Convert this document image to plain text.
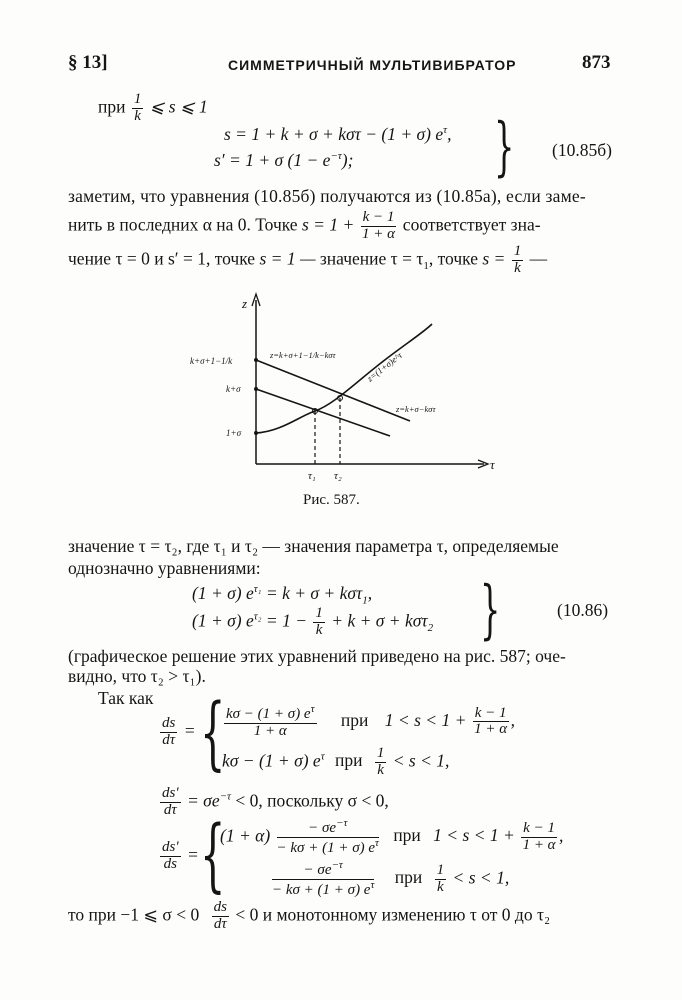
§ 13]	СИММЕТРИЧНЫЙ МУЛЬТИВИБРАТОР	873
при $\frac{1}{k}$ ⩽ s ⩽ 1
s = 1 + k + σ + kστ − (1 + σ) $e^\tau$,
s′ = 1 + σ $(1 - e^{-\tau})$; } (10.85б)
заметим, что уравнения (10.85б) получаются из (10.85а), если заме-
нить в последних α на 0. Точке $s = 1 + \frac{k - 1}{1 + \alpha}$ соответствует зна-
чение τ = 0 и s′ = 1, точке s = 1 — значение $\tau = \tau_1$, точке $s = \frac{1}{k}$ —
z
τ
k+σ+1−1/k
k+σ
1+σ
τ₁ τ₂
z=k+σ+1−1/k−kστ	z=(1+σ)e^τ
z=k+σ−kστ
Рис. 587.
значение τ = τ₂, где τ₁ и τ₂ — значения параметра τ, определяемые
однозначно уравнениями:
(1 + σ) $e^{\tau_1} = k + \sigma + k\sigma\tau_1$,
(1 + σ) $e^{\tau_2} = 1 - \frac{1}{k} + k + \sigma + k\sigma\tau_2$ }	(10.86)
(графическое решение этих уравнений приведено на рис. 587; оче-
видно, что τ₂ > τ₁).
Так как
$\frac{ds}{d\tau}$ = {
$\frac{k\sigma - (1 + \sigma) e^\tau}{1 + \alpha}$ при $1 < s < 1 + \frac{k - 1}{1 + \alpha}$ ,
kσ − (1 + σ) $e^\tau$ при $\frac{1}{k} < s < 1$,
$\frac{ds'}{d\tau} = \sigma e^{-\tau} < 0$, поскольку σ < 0,
$\frac{ds'}{ds}$ = {
$(1 + \alpha) \frac{- \sigma e^{-\tau}}{- k\sigma + (1 + \sigma) e^\tau}$ при $1 < s < 1 + \frac{k - 1}{1 + \alpha}$ ,
$\frac{- \sigma e^{-\tau}}{- k\sigma + (1 + \sigma) e^\tau}$ при $\frac{1}{k} < s < 1$,
то при −1 ⩽ $\sigma < 0 \frac{ds}{d\tau} < 0$ и монотонному изменению τ от 0 до τ₂
